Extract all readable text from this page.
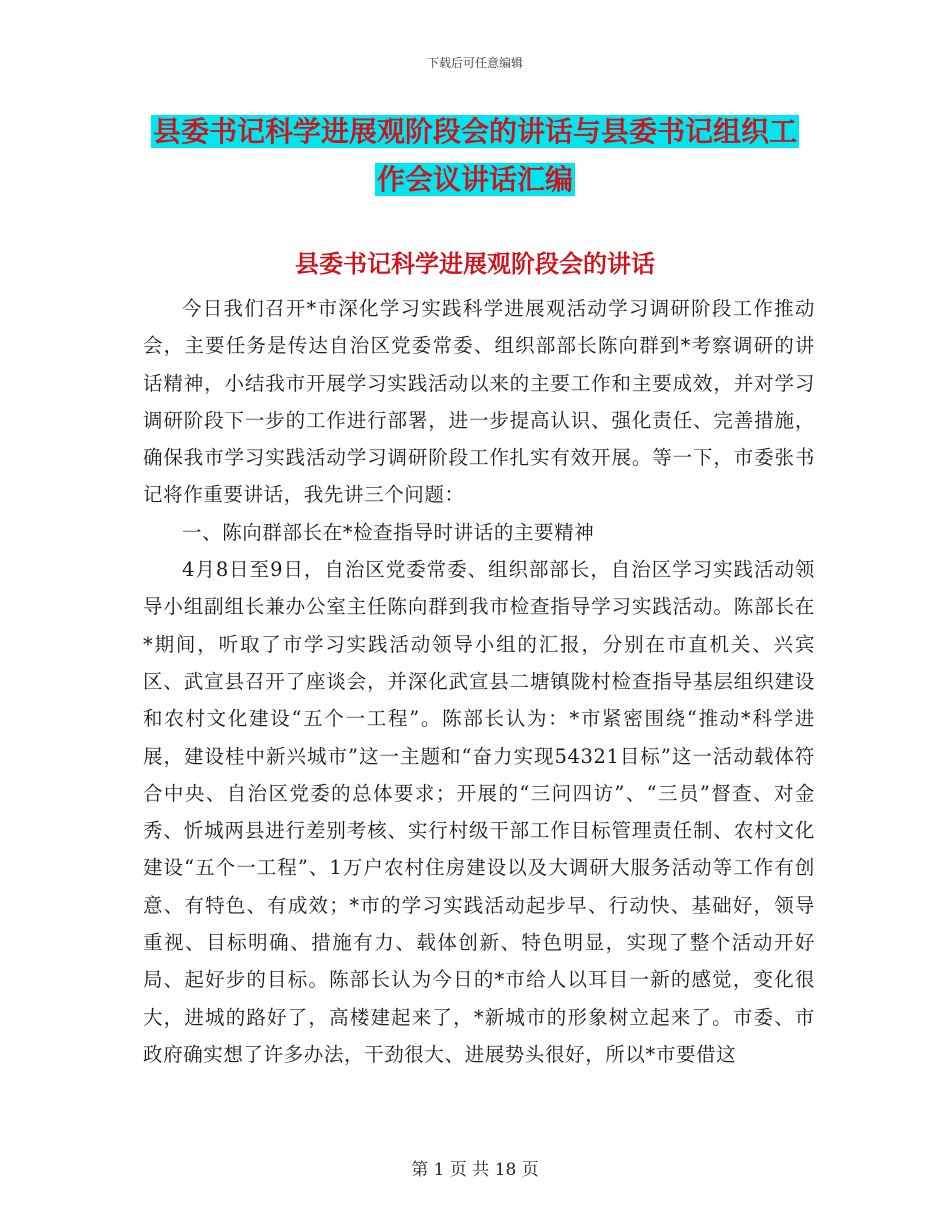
下载后可任意编辑
县委书记科学进展观阶段会的讲话与县委书记组织工
作会议讲话汇编
县委书记科学进展观阶段会的讲话

今日我们召开*市深化学习实践科学进展观活动学习调研阶段工作推动会，主要任务是传达自治区党委常委、组织部部长陈向群到*考察调研的讲话精神，小结我市开展学习实践活动以来的主要工作和主要成效，并对学习调研阶段下一步的工作进行部署，进一步提高认识、强化责任、完善措施，确保我市学习实践活动学习调研阶段工作扎实有效开展。等一下，市委张书记将作重要讲话，我先讲三个问题：

一、陈向群部长在*检查指导时讲话的主要精神

4月8日至9日，自治区党委常委、组织部部长，自治区学习实践活动领导小组副组长兼办公室主任陈向群到我市检查指导学习实践活动。陈部长在*期间，听取了市学习实践活动领导小组的汇报，分别在市直机关、兴宾区、武宣县召开了座谈会，并深化武宣县二塘镇陇村检查指导基层组织建设和农村文化建设“五个一工程”。陈部长认为：*市紧密围绕“推动*科学进展，建设桂中新兴城市”这一主题和“奋力实现54321目标”这一活动载体符合中央、自治区党委的总体要求；开展的“三问四访”、“三员”督查、对金秀、忻城两县进行差别考核、实行村级干部工作目标管理责任制、农村文化建设“五个一工程”、1万户农村住房建设以及大调研大服务活动等工作有创意、有特色、有成效；*市的学习实践活动起步早、行动快、基础好，领导重视、目标明确、措施有力、载体创新、特色明显，实现了整个活动开好局、起好步的目标。陈部长认为今日的*市给人以耳目一新的感觉，变化很大，进城的路好了，高楼建起来了，*新城市的形象树立起来了。市委、市政府确实想了许多办法，干劲很大、进展势头很好，所以*市要借这

第 1 页 共 18 页
